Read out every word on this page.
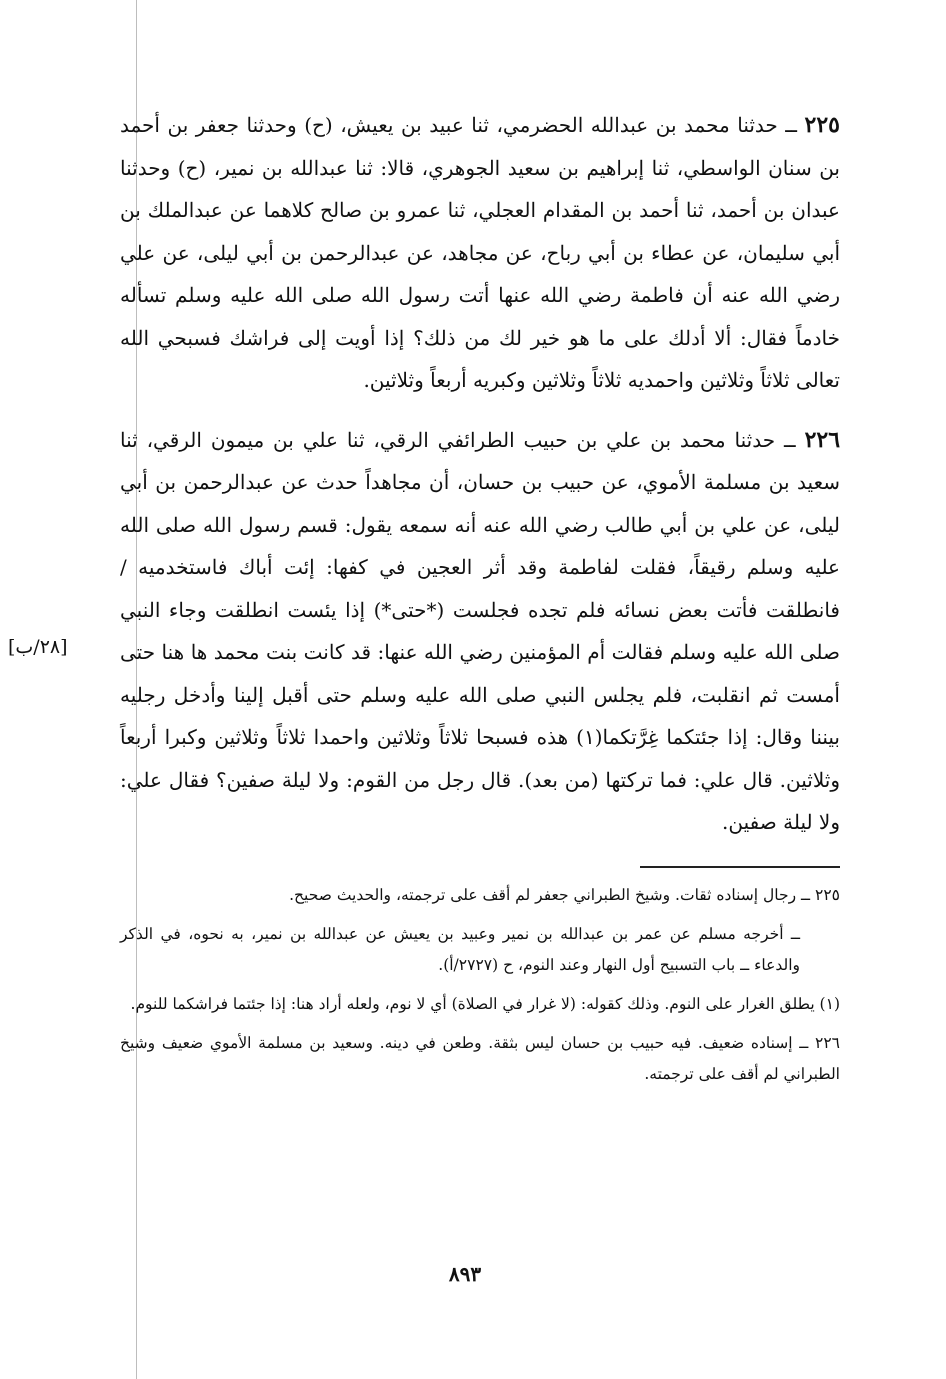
٢٢٥ ــ حدثنا محمد بن عبدالله الحضرمي، ثنا عبيد بن يعيش، (ح) وحدثنا جعفر بن أحمد بن سنان الواسطي، ثنا إبراهيم بن سعيد الجوهري، قالا: ثنا عبدالله بن نمير، (ح) وحدثنا عبدان بن أحمد، ثنا أحمد بن المقدام العجلي، ثنا عمرو بن صالح كلاهما عن عبدالملك بن أبي سليمان، عن عطاء بن أبي رباح، عن مجاهد، عن عبدالرحمن بن أبي ليلى، عن علي رضي الله عنه أن فاطمة رضي الله عنها أتت رسول الله صلى الله عليه وسلم تسأله خادماً فقال: ألا أدلك على ما هو خير لك من ذلك؟ إذا أويت إلى فراشك فسبحي الله تعالى ثلاثاً وثلاثين واحمديه ثلاثاً وثلاثين وكبريه أربعاً وثلاثين.

٢٢٦ ــ حدثنا محمد بن علي بن حبيب الطرائفي الرقي، ثنا علي بن ميمون الرقي، ثنا سعيد بن مسلمة الأموي، عن حبيب بن حسان، أن مجاهداً حدث عن عبدالرحمن بن أبي ليلى، عن علي بن أبي طالب رضي الله عنه أنه سمعه يقول: قسم رسول الله صلى الله عليه وسلم رقيقاً، فقلت لفاطمة وقد أثر العجين في كفها: إئت أباك فاستخدميه / فانطلقت فأتت بعض نسائه فلم تجده فجلست (*حتى*) إذا يئست انطلقت وجاء النبي صلى الله عليه وسلم فقالت أم المؤمنين رضي الله عنها: قد كانت بنت محمد ها هنا حتى أمست ثم انقلبت، فلم يجلس النبي صلى الله عليه وسلم حتى أقبل إلينا وأدخل رجليه بيننا وقال: إذا جئتكما غِرَّتكما(١) هذه فسبحا ثلاثاً وثلاثين واحمدا ثلاثاً وثلاثين وكبرا أربعاً وثلاثين. قال علي: فما تركتها (من بعد). قال رجل من القوم: ولا ليلة صفين؟ فقال علي: ولا ليلة صفين.

[٢٨/ب]

٢٢٥ ــ رجال إسناده ثقات. وشيخ الطبراني جعفر لم أقف على ترجمته، والحديث صحيح.

ــ أخرجه مسلم عن عمر بن عبدالله بن نمير وعبيد بن يعيش عن عبدالله بن نمير، به نحوه، في الذكر والدعاء ــ باب التسبيح أول النهار وعند النوم، ح (٢٧٢٧/أ).

(١) يطلق الغرار على النوم. وذلك كقوله: (لا غرار في الصلاة) أي لا نوم، ولعله أراد هنا: إذا جئتما فراشكما للنوم.

٢٢٦ ــ إسناده ضعيف. فيه حبيب بن حسان ليس بثقة. وطعن في دينه. وسعيد بن مسلمة الأموي ضعيف وشيخ الطبراني لم أقف على ترجمته.

٨٩٣
